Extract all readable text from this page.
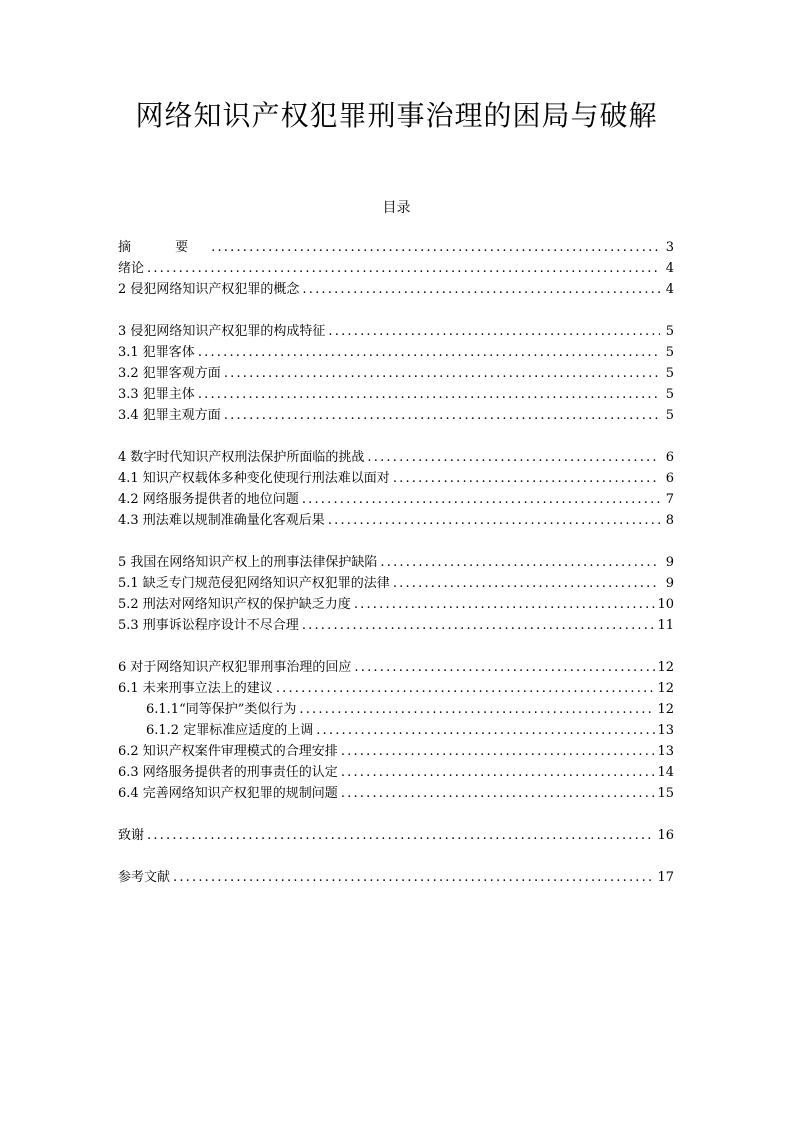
网络知识产权犯罪刑事治理的困局与破解
目录
摘 要 .....	3
绪论 .....	4
2 侵犯网络知识产权犯罪的概念 .....	4
3 侵犯网络知识产权犯罪的构成特征 .....	5
3.1 犯罪客体 .....	5
3.2 犯罪客观方面 .....	5
3.3 犯罪主体 .....	5
3.4 犯罪主观方面 .....	5
4 数字时代知识产权刑法保护所面临的挑战 .....	6
4.1 知识产权载体多种变化使现行刑法难以面对 .....	6
4.2 网络服务提供者的地位问题 .....	7
4.3 刑法难以规制准确量化客观后果 .....	8
5 我国在网络知识产权上的刑事法律保护缺陷 .....	9
5.1 缺乏专门规范侵犯网络知识产权犯罪的法律 .....	9
5.2 刑法对网络知识产权的保护缺乏力度 .....	10
5.3 刑事诉讼程序设计不尽合理 .....	11
6 对于网络知识产权犯罪刑事治理的回应 .....	12
6.1 未来刑事立法上的建议 .....	12
6.1.1“同等保护”类似行为 .....	12
6.1.2 定罪标准应适度的上调 .....	13
6.2 知识产权案件审理模式的合理安排 .....	13
6.3 网络服务提供者的刑事责任的认定 .....	14
6.4 完善网络知识产权犯罪的规制问题 .....	15
致谢 .....	16
参考文献 .....	17
